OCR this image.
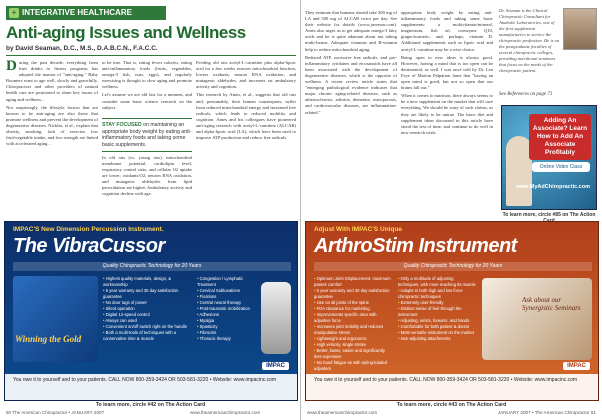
+ INTEGRATIVE HEALTHCARE
Anti-aging Issues and Wellness
by David Seaman, D.C., M.S., D.A.B.C.N., F.A.C.C.

During the past decade, everything from fruit drinks to fitness programs has adopted the mantra of "anti-aging." Baby Boomers want to age well, slowly and gracefully. Chiropractors and other providers of natural health care are positioned to share key issues of aging and wellness...

Not surprisingly, the lifestyle factors that are known to be anti-aging are also those that promote wellness and prevent the development of degenerative diseases. Nicklas, et al., explain that obesity, smoking, lack of exercise, low fruit/vegetable intake, and low strength are linked with accelerated aging...

to be true. That is, eating fewer calories, eating anti-inflammatory foods (fruits, vegetables, omega-3 fish, nuts, eggs), and regularly exercising is thought to slow aging and promote wellness.

Let's assume we are old fast for a moment, and consider some basic science research on the subject.

In old rats (vs. young rats), mitochondrial membrane potential, cardiolipin level, respiratory control ratio, and cellular O2 uptake are lower; oxidants/O2, neuron RNA oxidation, and mutagenic aldehydes from lipid peroxidation are higher. Ambulatory activity and cognition decline with age.

STAY FOCUSED on maintaining an appropriate body weight by eating anti-inflammatory foods and taking some basic supplements.

Feeding old rats acetyl-L-carnitine plus alpha-lipoic acid for a few weeks restores mitochondrial function, lowers oxidants, neuron RNA oxidation, and mutagenic aldehydes, and increases rat ambulatory activity and cognition.

This research by Ames, et al., suggests that old rats and, presumably, their human counterparts, suffer from reduced mitochondrial energy and increased free radicals, which leads to reduced mobility and cognition. Ames and his colleagues have pioneered anti-aging research with acetyl-L-carnitine (ALCAR) and alpha-lipoic acid (LA), which have been used to improve ATP production and reduce free radicals.

IMPAC'S New Dimension Percussion Instrument.
The VibraCussor
Quality Chiropractic Technology for 20 Years
Winning the Gold
• Highest quality materials, design, & workmanship
• 5 year warranty and 30 day satisfaction guarantee
• No door tags of power
• Silent operation
• Digital 12-speed control
• Always can used
• Convenient on/off switch right on the handle
• Both a multi-tools of techniques with a conservative time & muscle
• Congestion / Lymphatic Treatment
• Cervical Subluxations
• Fixations
• Central neural therapy
• Post-traumatic mobilization
• Adhesions
• Myalgia
• Spasticity
• Fibrocitis
• Thoracic therapy
IMPAC
You owe it to yourself and to your patients. CALL NOW 800-359-3424 OR 503-581-3220 • Website: www.impacinc.com
To learn more, circle #42 on The Action Card
50 The American Chiropractor • JANUARY 2007	www.theamericanchiropractor.com

They estimate that humans should take 200 mg of LA and 500 mg of ALCAR twice per day. See their website for details (www.juvenon.com). Ames also urges us to get adequate omega-3 fatty acids and he is quite adamant about not taking multi-harms. Adequate vitamins and B-vitamin help to reduce mitochondrial aging.

Reduced ATP, excessive free radicals, and pro-inflammatory cytokines and eicosanoids have all been associated with the development of degenerative diseases, which is the opposite of wellness. A recent review article states that "emerging pathological evidence indicates that major chronic aging-related diseases, such as atherosclerosis, arthritis, dementia, osteoporosis, and cardiovascular diseases, are inflammation-related."

appropriate body weight by eating anti-inflammatory foods and taking some basic supplements: a multivitamin/mineral, magnesium, fish oil, coenzyme Q10, ginger/turmeric, and, perhaps, vitamin D. Additional supplements such as lipoic acid and acetyl-L-carnitine may be a wise choice.

Being open to new ideas is always good. However, having a mind that is too open can be detrimental, as well. I was once told by Dr. Len Faye of Motion Palpation fame that "having an open mind is good, but not so open that our brains fall out."

When it comes to nutrition, there always seems to be a new supplement on the market that will cure everything. We should be wary of such claims, as they are likely to be untrue. The basic diet and supplement ideas discussed in this article have stood the test of time, and continue to do well in new research trials.

Dr. Seaman is the Clinical Chiropractic Consultant for Anabolic Laboratories, one of the first supplement manufacturers to service the chiropractic profession. He is on the postgraduate faculties of several chiropractic colleges, providing nutritional seminars that focus on the needs of the chiropractic patient.
See References on page 71
Adding An Associate? Learn How to Add An Associate Profitably
Online Video Class
www.MyAdChiropractic.com
To learn more, circle #85 on The Action
Adjust With IMPAC'S Unique
ArthroStim Instrument
Quality Chiropractic Technology for 20 Years
• Optimum Joint Displacement, maximum patient comfort
• 5 year warranty and 30 day satisfaction guarantee
• Use on all joints of the spine
• FDA clearance for marketing
• Improvements specific area with adjustive force
• Increases joint mobility and reduces manipulative stress
• Lightweight and ergonomic
• High velocity, single stroke
• Better, faster, easier and significantly less expensive
• No hand fatigue as with spring-loaded adjusters
• Only a multitude of adjusting techniques, with more reaching its muscle
• Adapts to both high and low force chiropractic techniques
• Extremely user-friendly
• Distinct sense of feel through the instrument
• Adjusting, wrists, forearm, and hands
• Comfortable for both patient & doctor
• Most versatile instrument on the market
• Non-adjusting attachments
Ask about our Synergistic Seminars
IMPAC
You owe it to yourself and to your patients. CALL NOW 800-359-3424 OR 503-581-3220 • Website: www.impacinc.com
To learn more, circle #43 on The Action Card
www.theamericanchiropractor.com	JANUARY 2007 • The American Chiropractor 51
